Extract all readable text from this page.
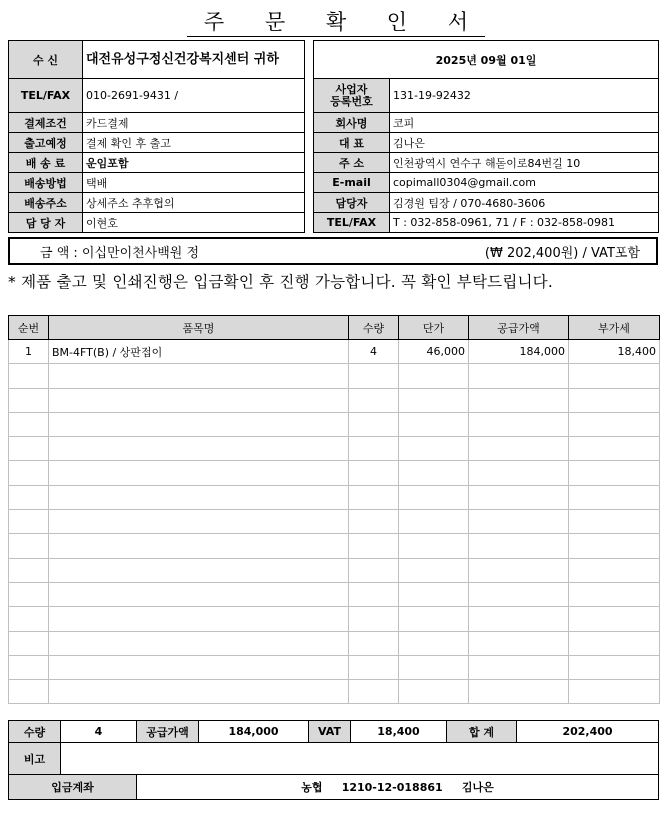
주 문 확 인 서
수 신	대전유성구정신건강복지센터 귀하
TEL/FAX	010-2691-9431 /
결제조건	카드결제
출고예정	결제 확인 후 출고
배 송 료	운임포함
배송방법	택배
배송주소	상세주소 추후협의
담 당 자	이현호
2025년 09월 01일	
사업자
등록번호	131-19-92432
회사명	코피
대 표	김나은
주 소	인천광역시 연수구 해돋이로84번길 10
E-mail	copimall0304@gmail.com
담당자	김경원 팀장 / 070-4680-3606
TEL/FAX	T : 032-858-0961, 71 / F : 032-858-0981
금 액 : 이십만이천사백원 정	(₩ 202,400원) / VAT포함
* 제품 출고 및 인쇄진행은 입금확인 후 진행 가능합니다. 꼭 확인 부탁드립니다.
순번	품목명	수량	단가	공급가액	부가세
1	BM-4FT(B) / 상판접이	4	46,000	184,000	18,400

수량	4	공급가액	184,000	VAT	18,400	합 계	202,400
비고							
입금계좌		농협     1210-12-018861     김나은					
